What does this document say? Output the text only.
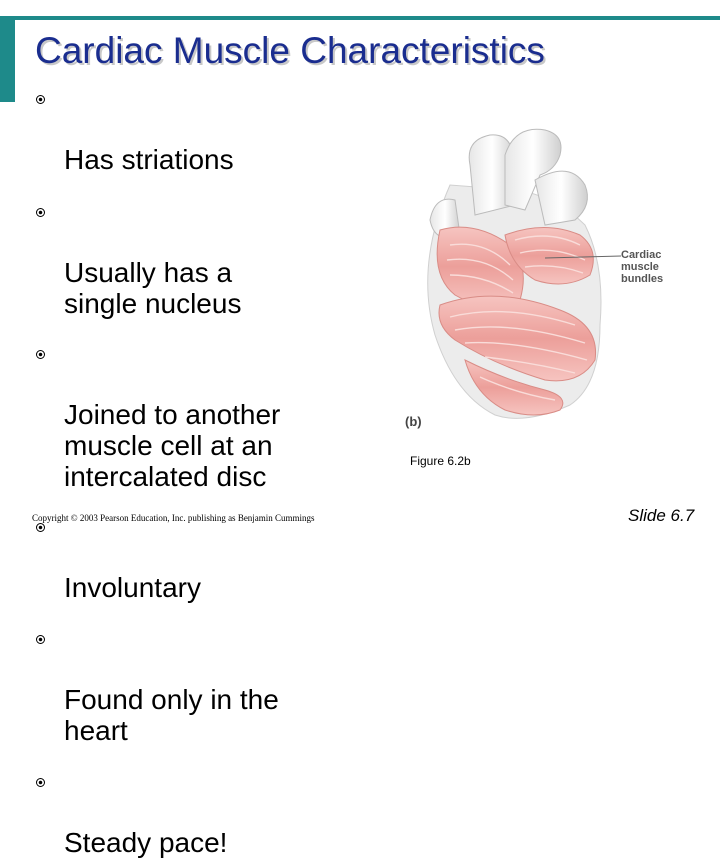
Cardiac Muscle Characteristics

Has striations

Usually has a
single nucleus

Joined to another
muscle cell at an
intercalated disc

Involuntary

Found only in the
heart

Steady pace!

Cardiac
muscle
bundles
(b)
Figure 6.2b
Copyright © 2003 Pearson Education, Inc. publishing as Benjamin Cummings	Slide 6.7
